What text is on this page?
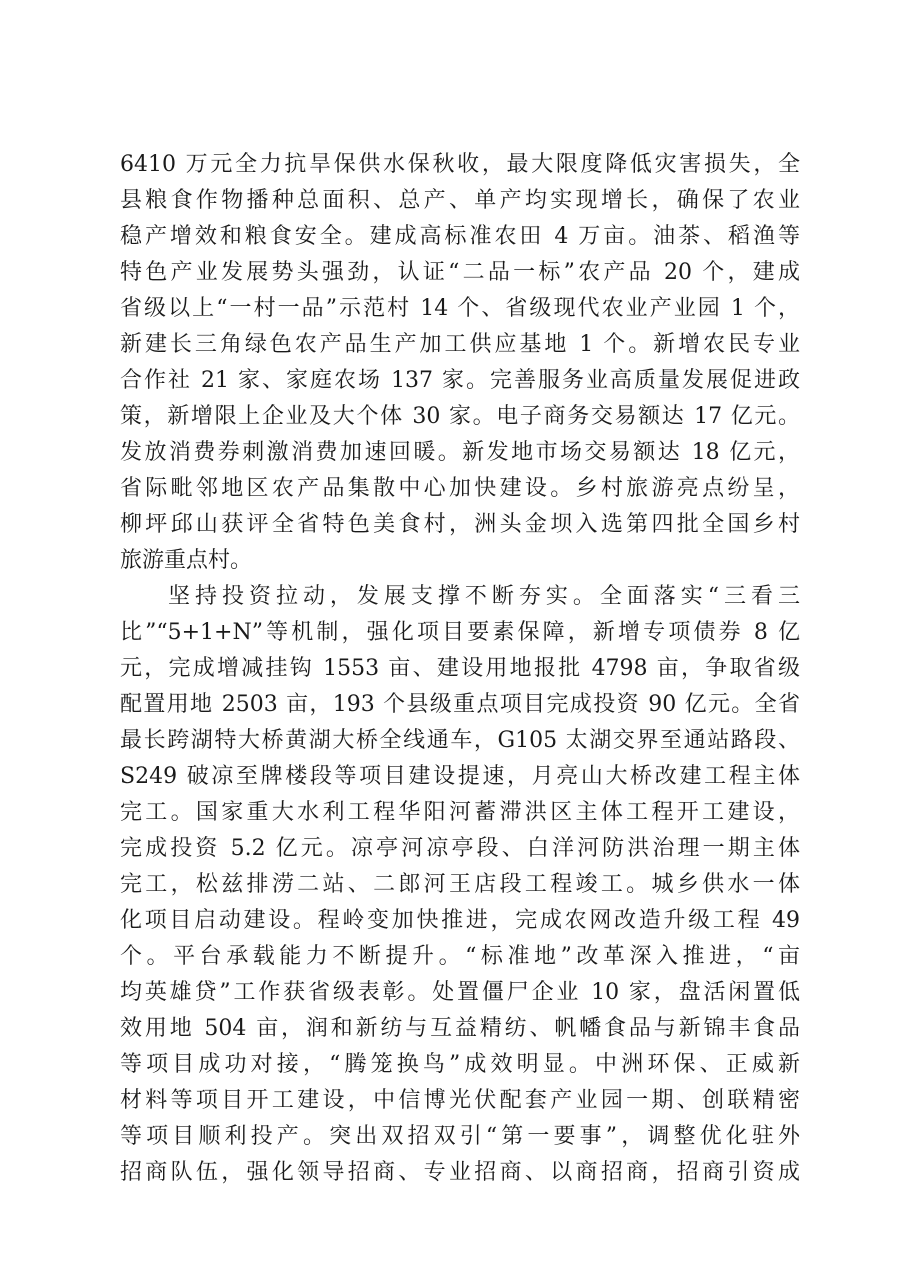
6410 万元全力抗旱保供水保秋收，最大限度降低灾害损失，全
县粮食作物播种总面积、总产、单产均实现增长，确保了农业
稳产增效和粮食安全。建成高标准农田 4 万亩。油茶、稻渔等
特色产业发展势头强劲，认证“二品一标”农产品 20 个，建成
省级以上“一村一品”示范村 14 个、省级现代农业产业园 1 个，
新建长三角绿色农产品生产加工供应基地 1 个。新增农民专业
合作社 21 家、家庭农场 137 家。完善服务业高质量发展促进政
策，新增限上企业及大个体 30 家。电子商务交易额达 17 亿元。
发放消费券刺激消费加速回暖。新发地市场交易额达 18 亿元，
省际毗邻地区农产品集散中心加快建设。乡村旅游亮点纷呈，
柳坪邱山获评全省特色美食村，洲头金坝入选第四批全国乡村
旅游重点村。
坚持投资拉动，发展支撑不断夯实。全面落实“三看三
比”“5+1+N”等机制，强化项目要素保障，新增专项债券 8 亿
元，完成增减挂钩 1553 亩、建设用地报批 4798 亩，争取省级
配置用地 2503 亩，193 个县级重点项目完成投资 90 亿元。全省
最长跨湖特大桥黄湖大桥全线通车，G105 太湖交界至通站路段、
S249 破凉至牌楼段等项目建设提速，月亮山大桥改建工程主体
完工。国家重大水利工程华阳河蓄滞洪区主体工程开工建设，
完成投资 5.2 亿元。凉亭河凉亭段、白洋河防洪治理一期主体
完工，松兹排涝二站、二郎河王店段工程竣工。城乡供水一体
化项目启动建设。程岭变加快推进，完成农网改造升级工程 49
个。平台承载能力不断提升。“标准地”改革深入推进，“亩
均英雄贷”工作获省级表彰。处置僵尸企业 10 家，盘活闲置低
效用地 504 亩，润和新纺与互益精纺、帆幡食品与新锦丰食品
等项目成功对接，“腾笼换鸟”成效明显。中洲环保、正威新
材料等项目开工建设，中信博光伏配套产业园一期、创联精密
等项目顺利投产。突出双招双引“第一要事”，调整优化驻外
招商队伍，强化领导招商、专业招商、以商招商，招商引资成
